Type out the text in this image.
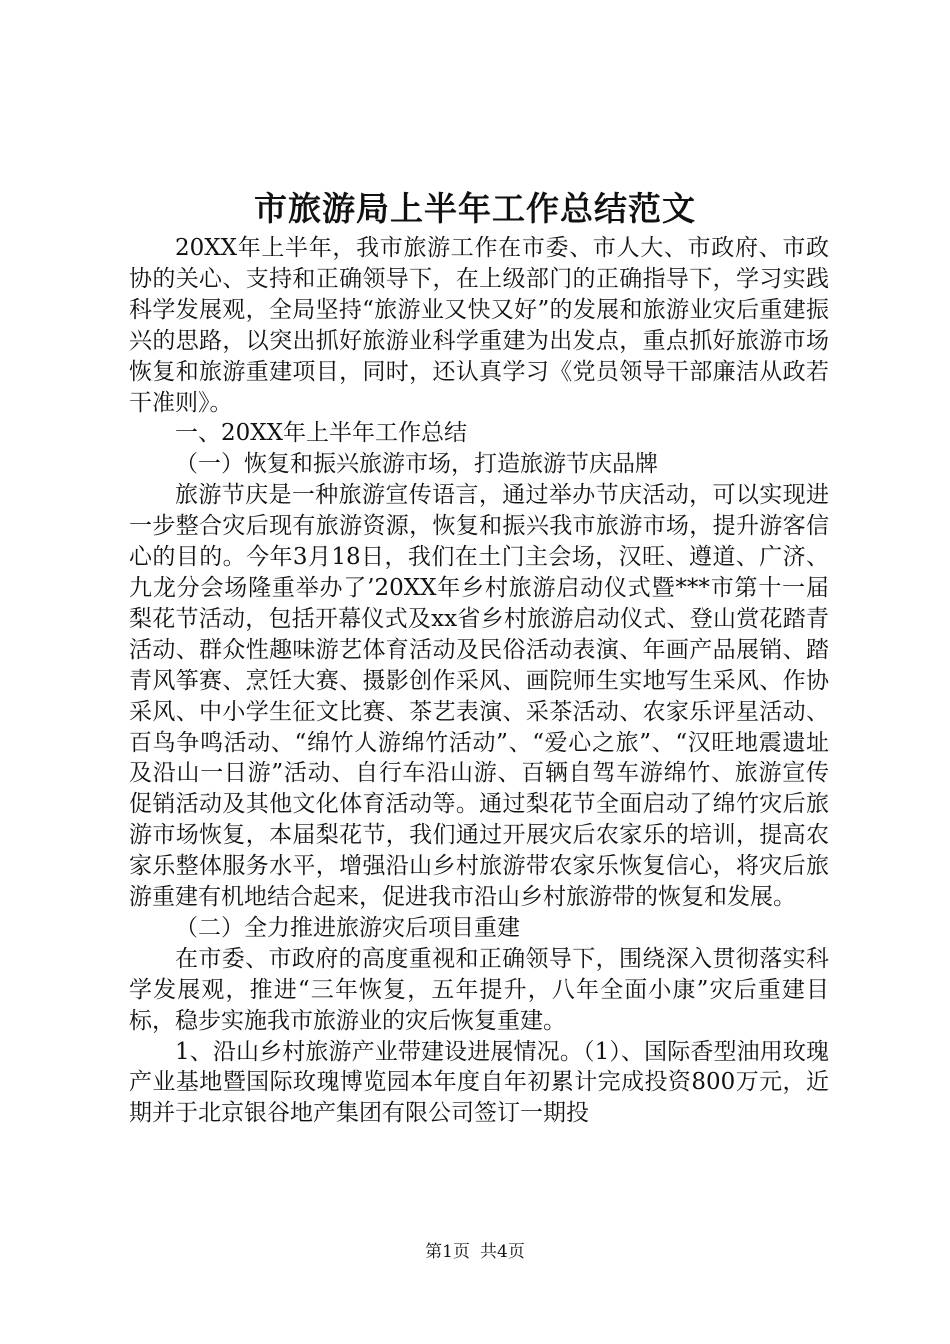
市旅游局上半年工作总结范文

20XX年上半年，我市旅游工作在市委、市人大、市政府、市政协的关心、支持和正确领导下，在上级部门的正确指导下，学习实践科学发展观，全局坚持“旅游业又快又好”的发展和旅游业灾后重建振兴的思路，以突出抓好旅游业科学重建为出发点，重点抓好旅游市场恢复和旅游重建项目，同时，还认真学习《党员领导干部廉洁从政若干准则》。

一、20XX年上半年工作总结

（一）恢复和振兴旅游市场，打造旅游节庆品牌

旅游节庆是一种旅游宣传语言，通过举办节庆活动，可以实现进一步整合灾后现有旅游资源，恢复和振兴我市旅游市场，提升游客信心的目的。今年3月18日，我们在土门主会场，汉旺、遵道、广济、九龙分会场隆重举办了’20XX年乡村旅游启动仪式暨***市第十一届梨花节活动，包括开幕仪式及xx省乡村旅游启动仪式、登山赏花踏青活动、群众性趣味游艺体育活动及民俗活动表演、年画产品展销、踏青风筝赛、烹饪大赛、摄影创作采风、画院师生实地写生采风、作协采风、中小学生征文比赛、茶艺表演、采茶活动、农家乐评星活动、百鸟争鸣活动、“绵竹人游绵竹活动”、“爱心之旅”、“汉旺地震遗址及沿山一日游”活动、自行车沿山游、百辆自驾车游绵竹、旅游宣传促销活动及其他文化体育活动等。通过梨花节全面启动了绵竹灾后旅游市场恢复，本届梨花节，我们通过开展灾后农家乐的培训，提高农家乐整体服务水平，增强沿山乡村旅游带农家乐恢复信心，将灾后旅游重建有机地结合起来，促进我市沿山乡村旅游带的恢复和发展。

（二）全力推进旅游灾后项目重建

在市委、市政府的高度重视和正确领导下，围绕深入贯彻落实科学发展观，推进“三年恢复，五年提升，八年全面小康”灾后重建目标，稳步实施我市旅游业的灾后恢复重建。

1、沿山乡村旅游产业带建设进展情况。（1）、国际香型油用玫瑰产业基地暨国际玫瑰博览园本年度自年初累计完成投资800万元，近期并于北京银谷地产集团有限公司签订一期投

第1页 共4页
